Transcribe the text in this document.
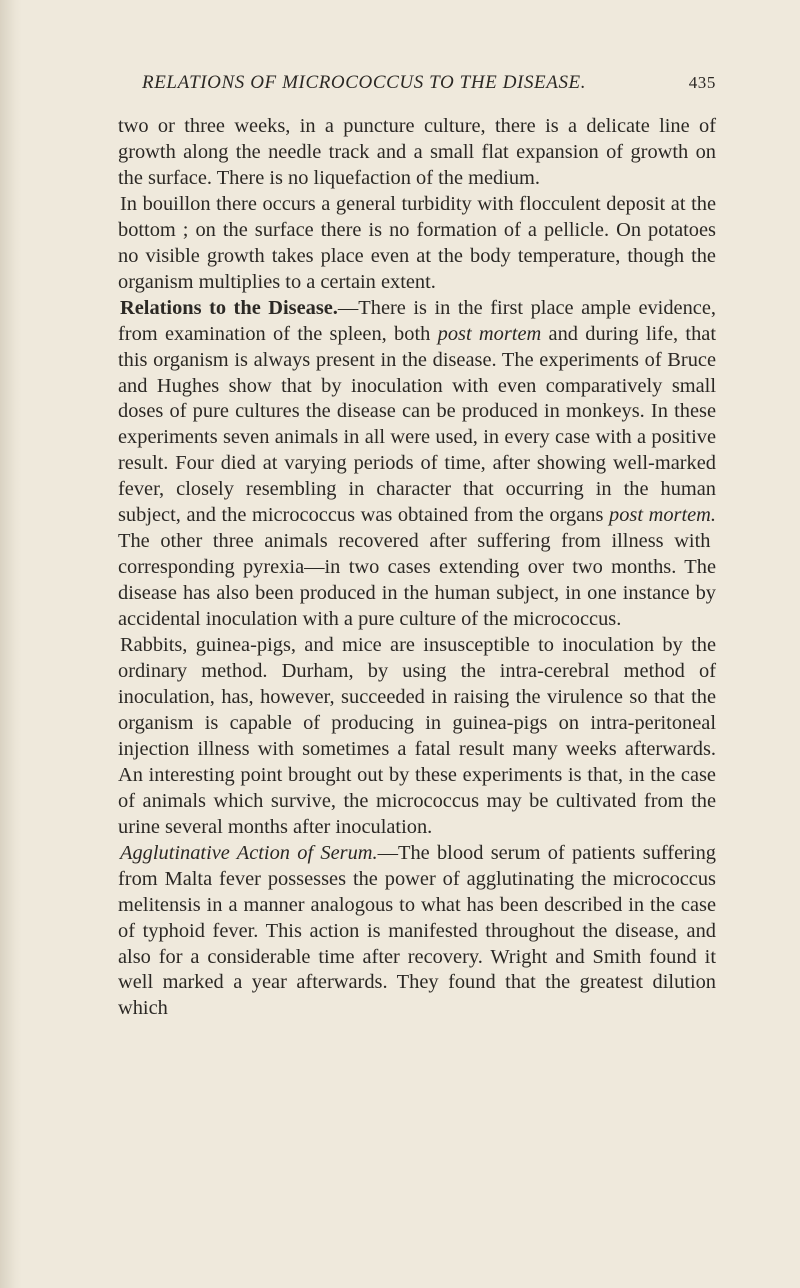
RELATIONS OF MICROCOCCUS TO THE DISEASE.	435

two or three weeks, in a puncture culture, there is a delicate line of growth along the needle track and a small flat expansion of growth on the surface. There is no liquefaction of the medium.

In bouillon there occurs a general turbidity with flocculent deposit at the bottom ; on the surface there is no formation of a pellicle. On potatoes no visible growth takes place even at the body temperature, though the organism multiplies to a certain extent.

Relations to the Disease.—There is in the first place ample evidence, from examination of the spleen, both post mortem and during life, that this organism is always present in the disease. The experiments of Bruce and Hughes show that by inoculation with even comparatively small doses of pure cultures the disease can be produced in monkeys. In these experiments seven animals in all were used, in every case with a positive result. Four died at varying periods of time, after showing well-marked fever, closely resembling in character that occurring in the human subject, and the micrococcus was obtained from the organs post mortem. The other three animals recovered after suffering from illness with corresponding pyrexia—in two cases extending over two months. The disease has also been produced in the human subject, in one instance by accidental inoculation with a pure culture of the micrococcus.

Rabbits, guinea-pigs, and mice are insusceptible to inoculation by the ordinary method. Durham, by using the intra-cerebral method of inoculation, has, however, succeeded in raising the virulence so that the organism is capable of producing in guinea-pigs on intra-peritoneal injection illness with sometimes a fatal result many weeks afterwards. An interesting point brought out by these experiments is that, in the case of animals which survive, the micrococcus may be cultivated from the urine several months after inoculation.

Agglutinative Action of Serum.—The blood serum of patients suffering from Malta fever possesses the power of agglutinating the micrococcus melitensis in a manner analogous to what has been described in the case of typhoid fever. This action is manifested throughout the disease, and also for a considerable time after recovery. Wright and Smith found it well marked a year afterwards. They found that the greatest dilution which
